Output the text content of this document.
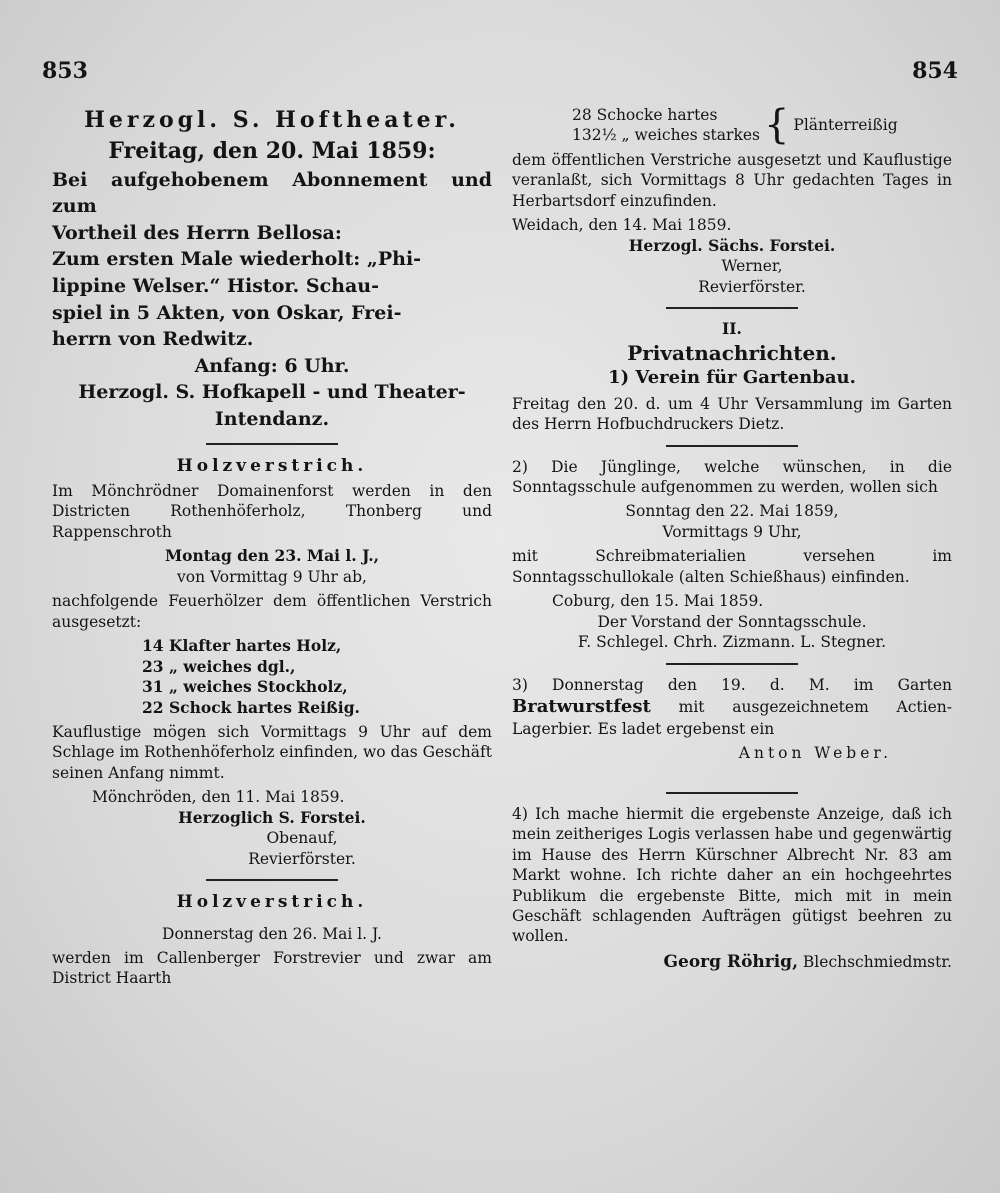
853	854
Herzogl. S. Hoftheater.
Freitag, den 20. Mai 1859:
Bei aufgehobenem Abonnement und zum
Vortheil des Herrn Bellosa:
Zum ersten Male wiederholt: „Phi-
lippine Welser.“ Histor. Schau-
spiel in 5 Akten, von Oskar, Frei-
herrn von Redwitz.
Anfang: 6 Uhr.
Herzogl. S. Hofkapell - und Theater-
Intendanz.
Holzverstrich.
Im Mönchrödner Domainenforst werden in den Districten Rothenhöferholz, Thonberg und Rappenschroth
Montag den 23. Mai l. J.,
von Vormittag 9 Uhr ab,
nachfolgende Feuerhölzer dem öffentlichen Verstrich ausgesetzt:
14 Klafter hartes Holz,
23 „ weiches dgl.,
31 „ weiches Stockholz,
22 Schock hartes Reißig.
Kauflustige mögen sich Vormittags 9 Uhr auf dem Schlage im Rothenhöferholz einfinden, wo das Geschäft seinen Anfang nimmt.
Mönchröden, den 11. Mai 1859.
Herzoglich S. Forstei.
Obenauf,
Revierförster.
Holzverstrich.
Donnerstag den 26. Mai l. J.
werden im Callenberger Forstrevier und zwar am District Haarth
28 Schocke hartes
132½ „ weiches starkes { Plänterreißig
dem öffentlichen Verstriche ausgesetzt und Kauflustige veranlaßt, sich Vormittags 8 Uhr gedachten Tages in Herbartsdorf einzufinden.
Weidach, den 14. Mai 1859.
Herzogl. Sächs. Forstei.
Werner,
Revierförster.
II.
Privatnachrichten.
1) Verein für Gartenbau.
Freitag den 20. d. um 4 Uhr Versammlung im Garten des Herrn Hofbuchdruckers Dietz.
2) Die Jünglinge, welche wünschen, in die Sonntagsschule aufgenommen zu werden, wollen sich
Sonntag den 22. Mai 1859,
Vormittags 9 Uhr,
mit Schreibmaterialien versehen im Sonntagsschullokale (alten Schießhaus) einfinden.
Coburg, den 15. Mai 1859.
Der Vorstand der Sonntagsschule.
F. Schlegel. Chrh. Zizmann. L. Stegner.
3) Donnerstag den 19. d. M. im Garten Bratwurstfest mit ausgezeichnetem Actien-Lagerbier. Es ladet ergebenst ein
Anton Weber.
4) Ich mache hiermit die ergebenste Anzeige, daß ich mein zeitheriges Logis verlassen habe und gegenwärtig im Hause des Herrn Kürschner Albrecht Nr. 83 am Markt wohne. Ich richte daher an ein hochgeehrtes Publikum die ergebenste Bitte, mich mit in mein Geschäft schlagenden Aufträgen gütigst beehren zu wollen.
Georg Röhrig, Blechschmiedmstr.
